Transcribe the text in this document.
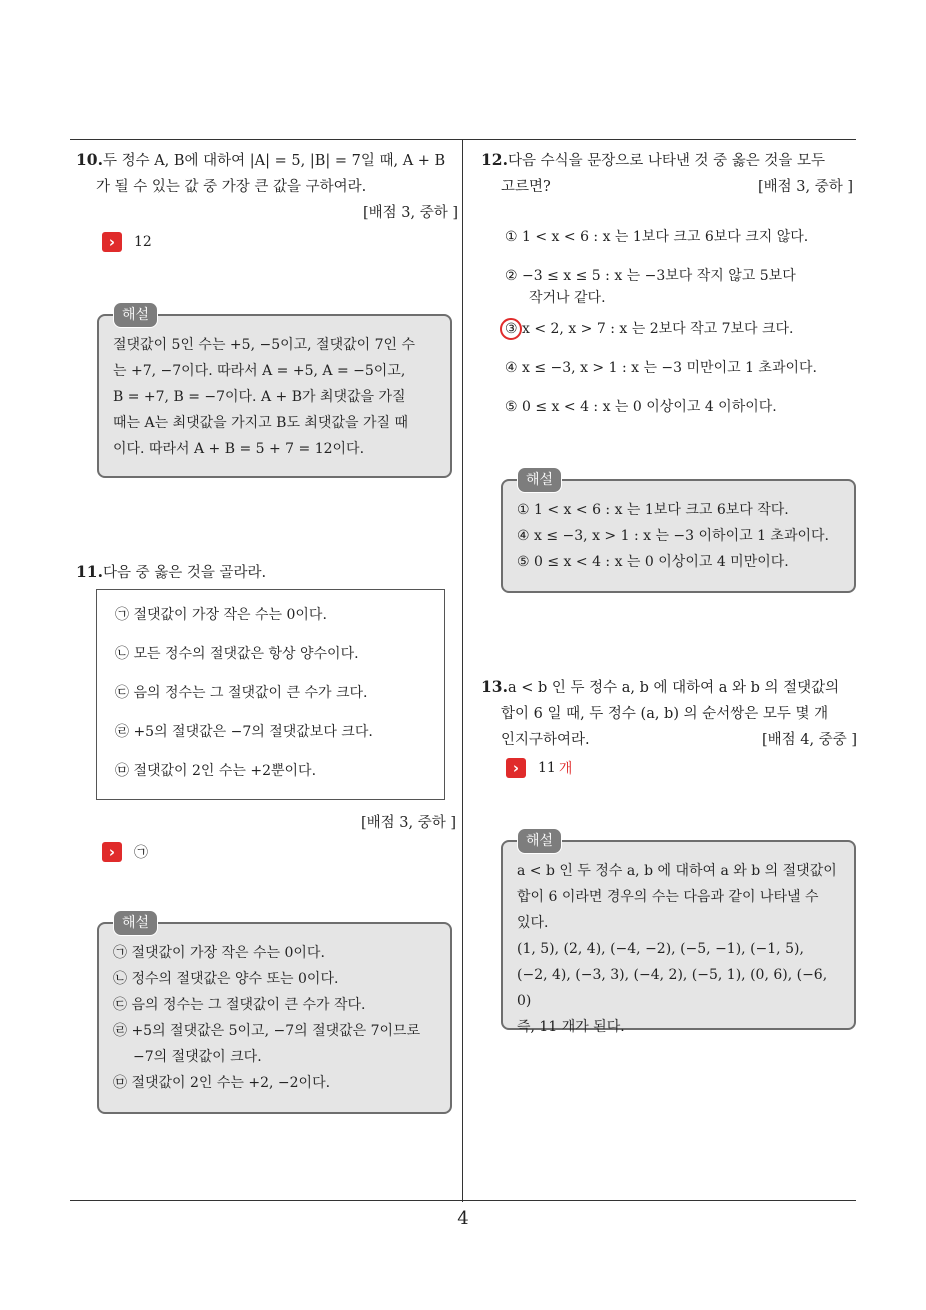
10.두 정수 A, B에 대하여 |A| = 5, |B| = 7일 때, A + B
가 될 수 있는 값 중 가장 큰 값을 구하여라.
[배점 3, 중하 ]
› 12
해설
절댓값이 5인 수는 +5, −5이고, 절댓값이 7인 수
는 +7, −7이다. 따라서 A = +5, A = −5이고,
B = +7, B = −7이다. A + B가 최댓값을 가질
때는 A는 최댓값을 가지고 B도 최댓값을 가질 때
이다. 따라서 A + B = 5 + 7 = 12이다.
11.다음 중 옳은 것을 골라라.
㉠ 절댓값이 가장 작은 수는 0이다.
㉡ 모든 정수의 절댓값은 항상 양수이다.
㉢ 음의 정수는 그 절댓값이 큰 수가 크다.
㉣ +5의 절댓값은 −7의 절댓값보다 크다.
㉤ 절댓값이 2인 수는 +2뿐이다.
[배점 3, 중하 ]
› ㉠
해설
㉠ 절댓값이 가장 작은 수는 0이다.
㉡ 정수의 절댓값은 양수 또는 0이다.
㉢ 음의 정수는 그 절댓값이 큰 수가 작다.
㉣ +5의 절댓값은 5이고, −7의 절댓값은 7이므로
−7의 절댓값이 크다.
㉤ 절댓값이 2인 수는 +2, −2이다.
12.다음 수식을 문장으로 나타낸 것 중 옳은 것을 모두
고르면?	[배점 3, 중하 ]
① 1 < x < 6 : x 는 1보다 크고 6보다 크지 않다.
② −3 ≤ x ≤ 5 : x 는 −3보다 작지 않고 5보다
작거나 같다.
③ x < 2, x > 7 : x 는 2보다 작고 7보다 크다.
④ x ≤ −3, x > 1 : x 는 −3 미만이고 1 초과이다.
⑤ 0 ≤ x < 4 : x 는 0 이상이고 4 이하이다.
해설
① 1 < x < 6 : x 는 1보다 크고 6보다 작다.
④ x ≤ −3, x > 1 : x 는 −3 이하이고 1 초과이다.
⑤ 0 ≤ x < 4 : x 는 0 이상이고 4 미만이다.
13.a < b 인 두 정수 a, b 에 대하여 a 와 b 의 절댓값의
합이 6 일 때, 두 정수 (a, b) 의 순서쌍은 모두 몇 개
인지구하여라.	[배점 4, 중중 ]
› 11 개
해설
a < b 인 두 정수 a, b 에 대하여 a 와 b 의 절댓값이
합이 6 이라면 경우의 수는 다음과 같이 나타낼 수
있다.
(1, 5), (2, 4), (−4, −2), (−5, −1), (−1, 5),
(−2, 4), (−3, 3), (−4, 2), (−5, 1), (0, 6), (−6, 0)
즉, 11 개가 된다.
4
